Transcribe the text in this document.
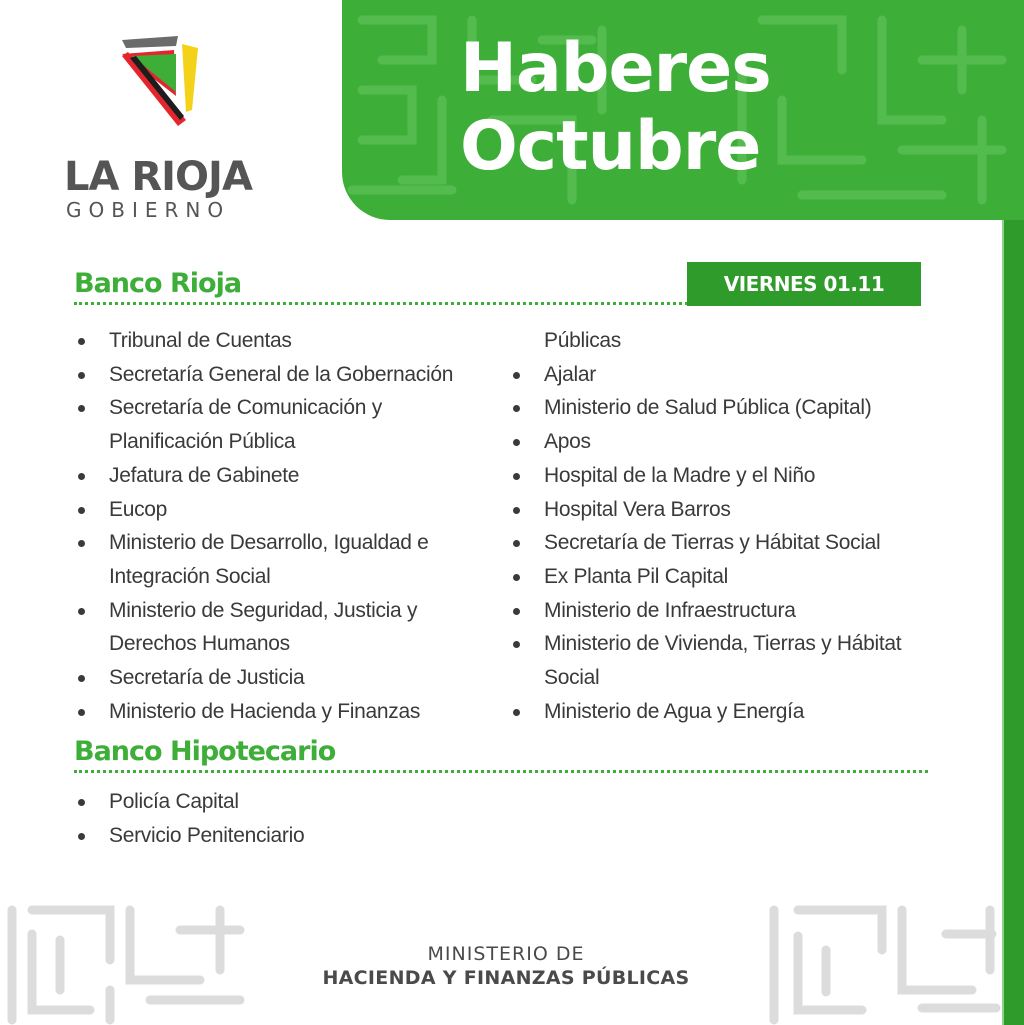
Haberes
Octubre
LA RIOJA
GOBIERNO
Banco Rioja	VIERNES 01.11
Tribunal de Cuentas
Secretaría General de la Gobernación
Secretaría de Comunicación y
Planificación Pública
Jefatura de Gabinete
Eucop
Ministerio de Desarrollo, Igualdad e
Integración Social
Ministerio de Seguridad, Justicia y
Derechos Humanos
Secretaría de Justicia
Ministerio de Hacienda y Finanzas
Públicas
Ajalar
Ministerio de Salud Pública (Capital)
Apos
Hospital de la Madre y el Niño
Hospital Vera Barros
Secretaría de Tierras y Hábitat Social
Ex Planta Pil Capital
Ministerio de Infraestructura
Ministerio de Vivienda, Tierras y Hábitat
Social
Ministerio de Agua y Energía
Banco Hipotecario
Policía Capital
Servicio Penitenciario
MINISTERIO DE
HACIENDA Y FINANZAS PÚBLICAS
